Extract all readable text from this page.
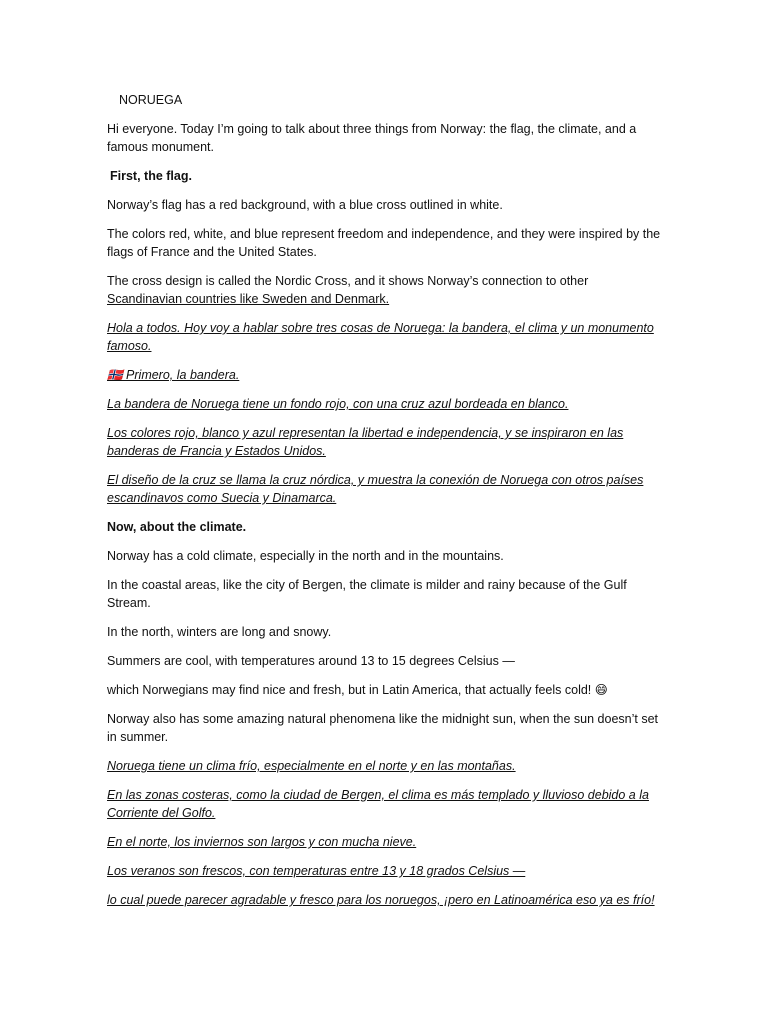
NORUEGA

Hi everyone. Today I’m going to talk about three things from Norway: the flag, the climate, and a famous monument.

First, the flag.

Norway’s flag has a red background, with a blue cross outlined in white.

The colors red, white, and blue represent freedom and independence, and they were inspired by the flags of France and the United States.

The cross design is called the Nordic Cross, and it shows Norway’s connection to other
Scandinavian countries like Sweden and Denmark.

Hola a todos. Hoy voy a hablar sobre tres cosas de Noruega: la bandera, el clima y un monumento famoso.

🇳🇴 Primero, la bandera.

La bandera de Noruega tiene un fondo rojo, con una cruz azul bordeada en blanco.

Los colores rojo, blanco y azul representan la libertad e independencia, y se inspiraron en las banderas de Francia y Estados Unidos.

El diseño de la cruz se llama la cruz nórdica, y muestra la conexión de Noruega con otros países escandinavos como Suecia y Dinamarca.

Now, about the climate.

Norway has a cold climate, especially in the north and in the mountains.

In the coastal areas, like the city of Bergen, the climate is milder and rainy because of the Gulf Stream.

In the north, winters are long and snowy.

Summers are cool, with temperatures around 13 to 15 degrees Celsius —

which Norwegians may find nice and fresh, but in Latin America, that actually feels cold! 😄

Norway also has some amazing natural phenomena like the midnight sun, when the sun doesn’t set in summer.

Noruega tiene un clima frío, especialmente en el norte y en las montañas.

En las zonas costeras, como la ciudad de Bergen, el clima es más templado y lluvioso debido a la Corriente del Golfo.

En el norte, los inviernos son largos y con mucha nieve.

Los veranos son frescos, con temperaturas entre 13 y 18 grados Celsius —

lo cual puede parecer agradable y fresco para los noruegos, ¡pero en Latinoamérica eso ya es frío!
